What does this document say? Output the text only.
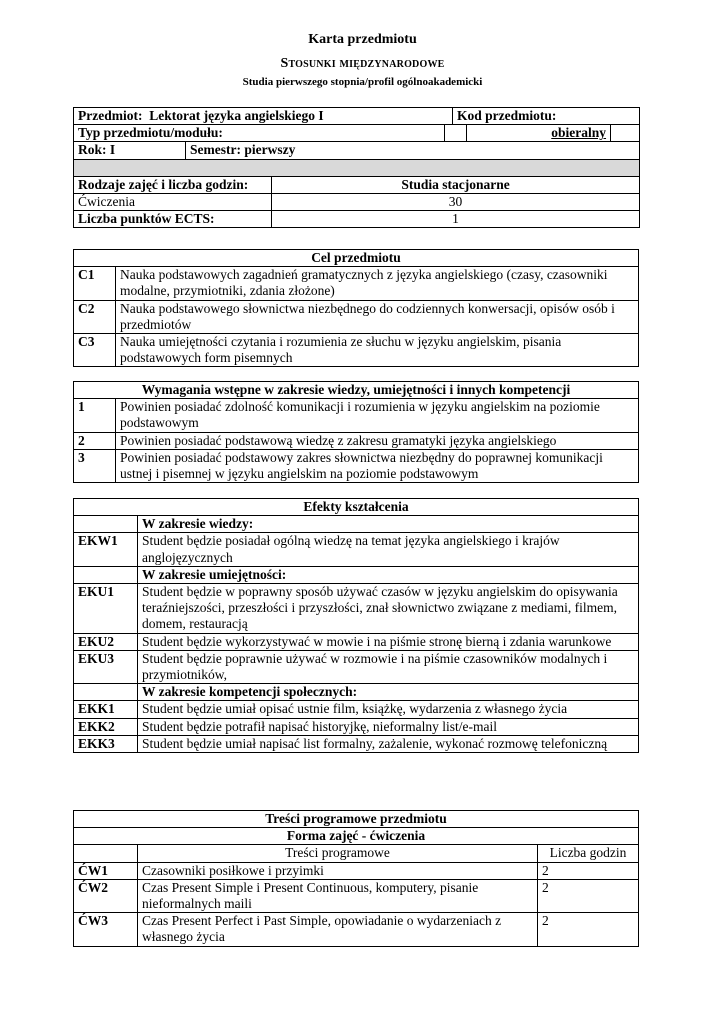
Karta przedmiotu
Stosunki międzynarodowe
Studia pierwszego stopnia/profil ogólnoakademicki
Przedmiot: Lektorat języka angielskiego I				Kod przedmiotu:		
Typ przedmiotu/modułu:					obieralny	
Rok: I	Semestr: pierwszy					

Rodzaje zajęć i liczba godzin:		Studia stacjonarne				
Ćwiczenia		30				
Liczba punktów ECTS:		1				
Cel przedmiotu	
C1	Nauka podstawowych zagadnień gramatycznych z języka angielskiego (czasy, czasowniki modalne, przymiotniki, zdania złożone)
C2	Nauka podstawowego słownictwa niezbędnego do codziennych konwersacji, opisów osób i przedmiotów
C3	Nauka umiejętności czytania i rozumienia ze słuchu w języku angielskim, pisania podstawowych form pisemnych
Wymagania wstępne w zakresie wiedzy, umiejętności i innych kompetencji	
1	Powinien posiadać zdolność komunikacji i rozumienia w języku angielskim na poziomie podstawowym
2	Powinien posiadać podstawową wiedzę z zakresu gramatyki języka angielskiego
3	Powinien posiadać podstawowy zakres słownictwa niezbędny do poprawnej komunikacji ustnej i pisemnej w języku angielskim na poziomie podstawowym
Efekty kształcenia	
	W zakresie wiedzy:
EKW1	Student będzie posiadał ogólną wiedzę na temat języka angielskiego i krajów anglojęzycznych
	W zakresie umiejętności:
EKU1	Student będzie w poprawny sposób używać czasów w języku angielskim do opisywania teraźniejszości, przeszłości i przyszłości, znał słownictwo związane z mediami, filmem, domem, restauracją
EKU2	Student będzie wykorzystywać w mowie i na piśmie stronę bierną i zdania warunkowe
EKU3	Student będzie poprawnie używać w rozmowie i na piśmie czasowników modalnych i przymiotników,
	W zakresie kompetencji społecznych:
EKK1	Student będzie umiał opisać ustnie film, książkę, wydarzenia z własnego życia
EKK2	Student będzie potrafił napisać historyjkę, nieformalny list/e-mail
EKK3	Student będzie umiał napisać list formalny, zażalenie, wykonać rozmowę telefoniczną
Treści programowe przedmiotu		
Forma zajęć - ćwiczenia		
	Treści programowe	Liczba godzin
ĆW1	Czasowniki posiłkowe i przyimki	2
ĆW2	Czas Present Simple i Present Continuous, komputery, pisanie nieformalnych maili	2
ĆW3	Czas Present Perfect i Past Simple, opowiadanie o wydarzeniach z własnego życia	2
